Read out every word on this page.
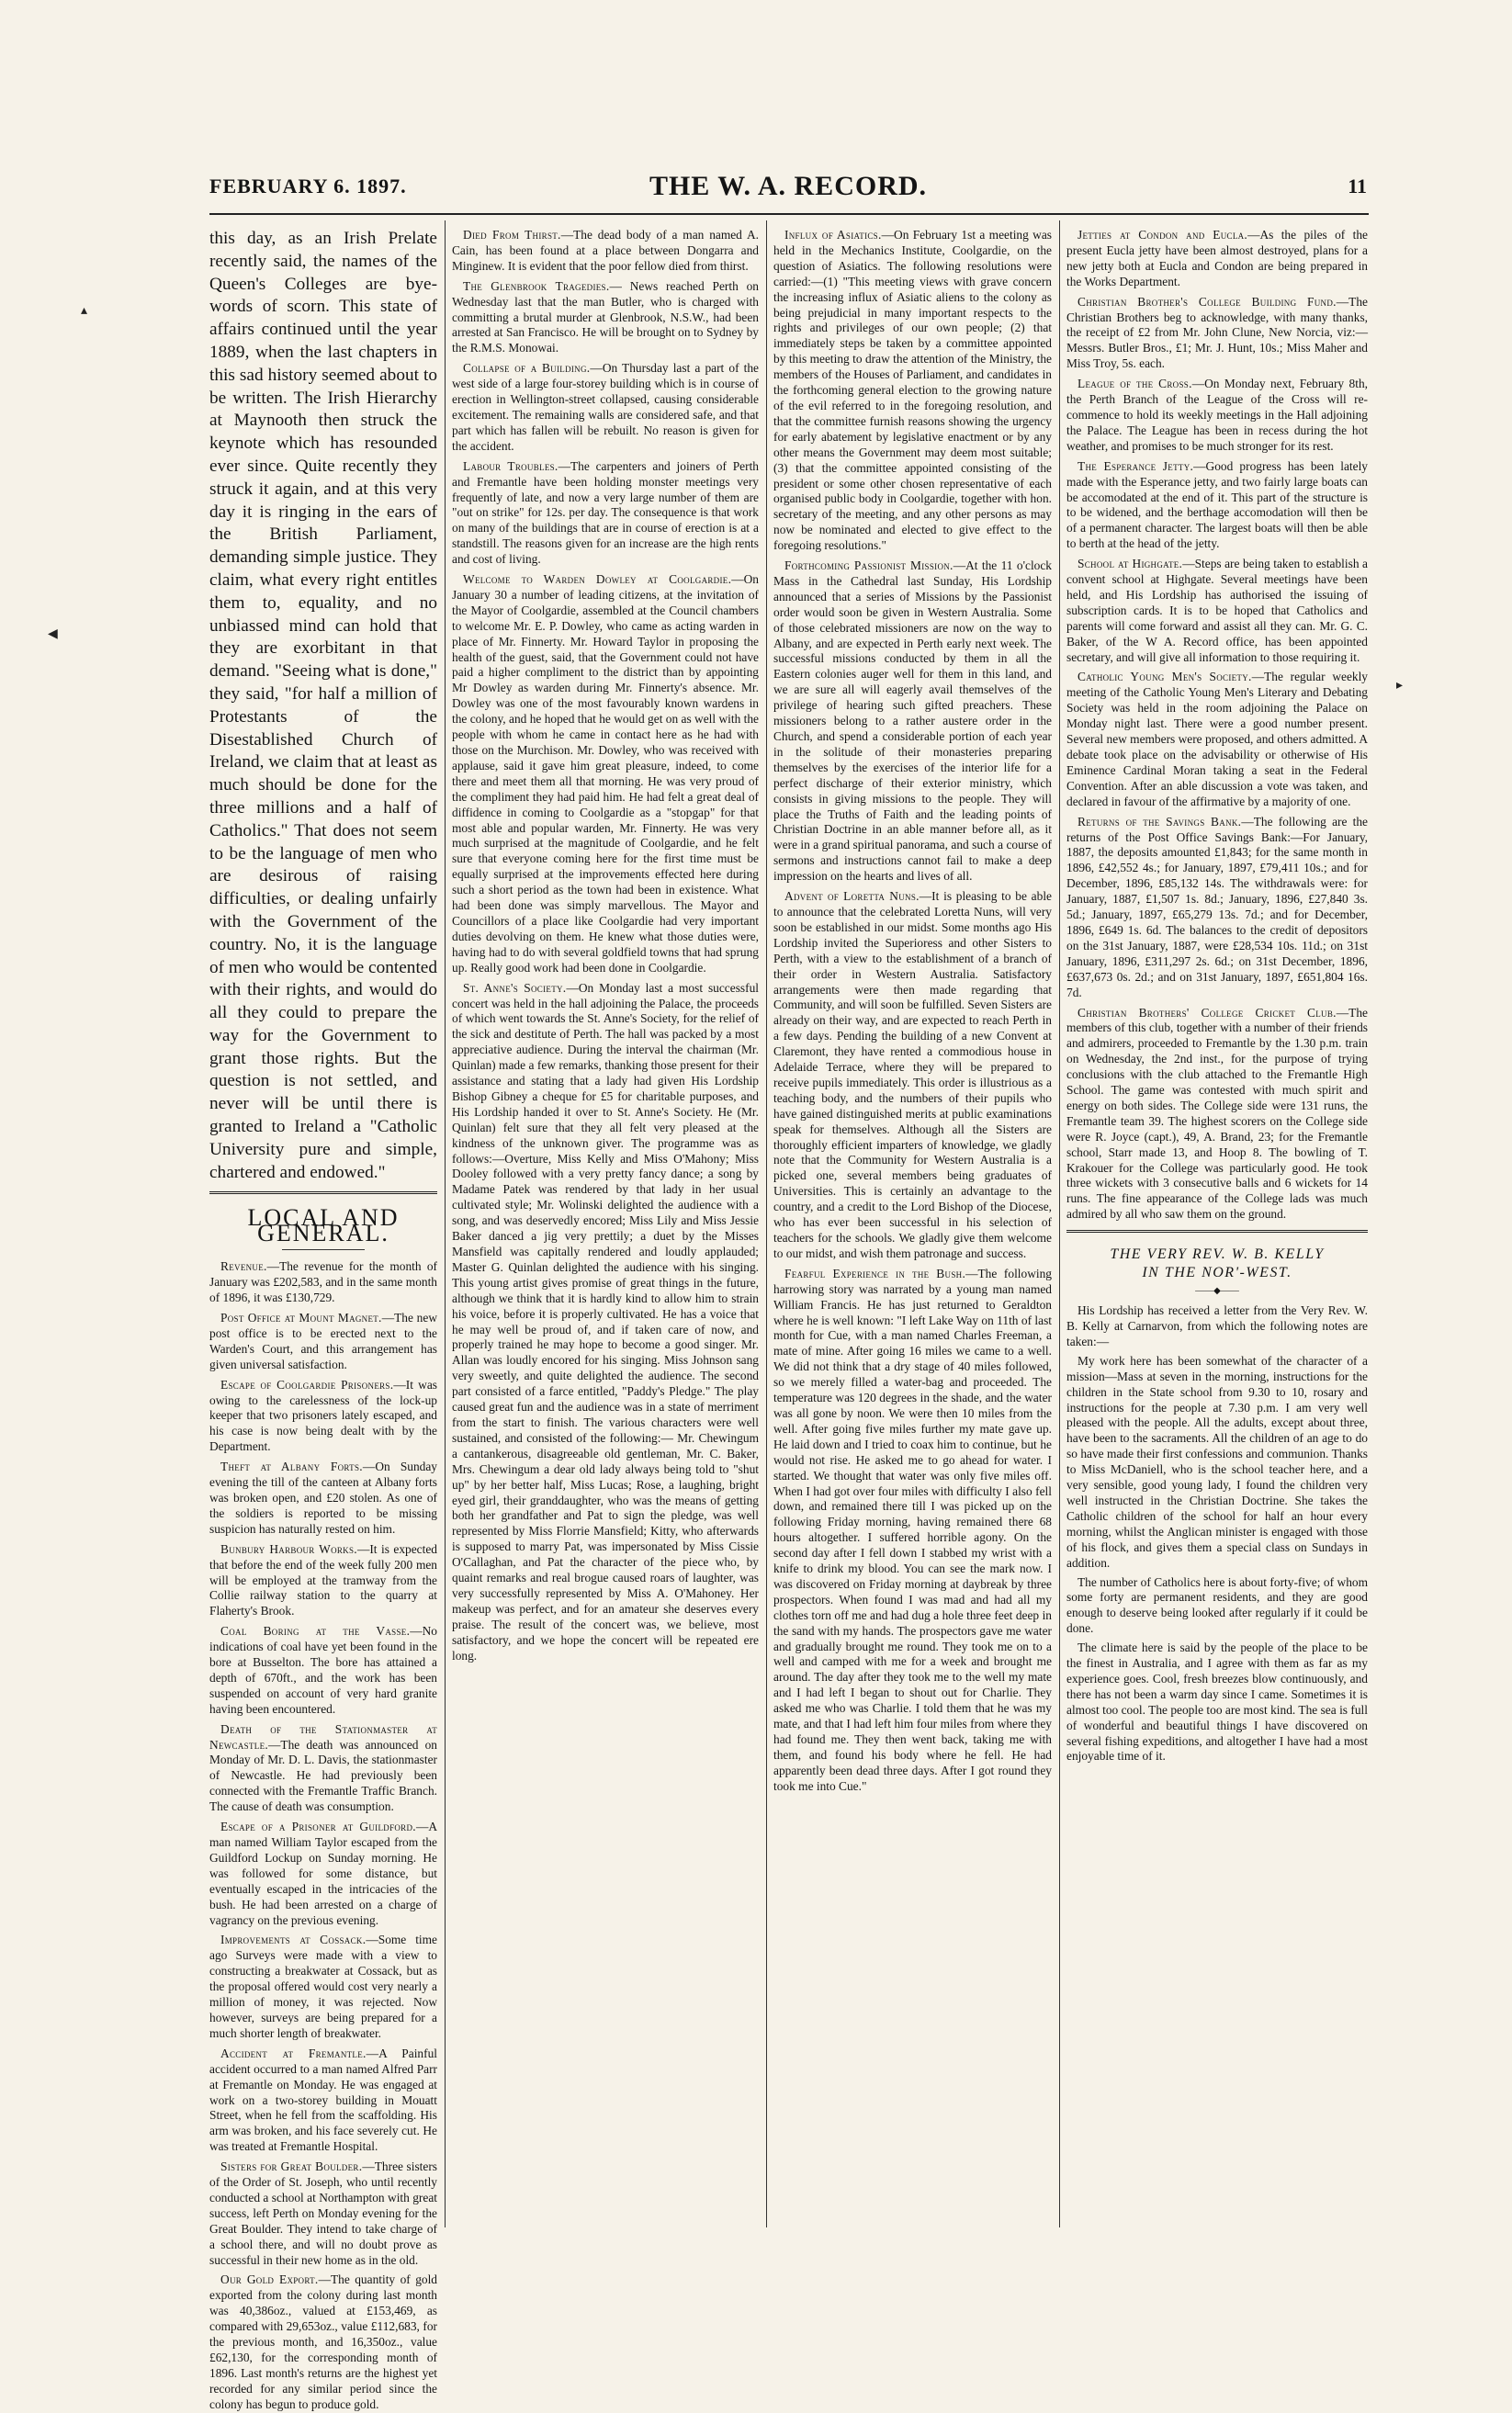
FEBRUARY 6. 1897.	THE W. A. RECORD.	11
▴
◀
▸

this day, as an Irish Prelate recently said, the names of the Queen's Colleges are bye-words of scorn. This state of affairs continued until the year 1889, when the last chapters in this sad history seemed about to be written. The Irish Hierarchy at Maynooth then struck the keynote which has resounded ever since. Quite recently they struck it again, and at this very day it is ringing in the ears of the British Parliament, demanding simple justice. They claim, what every right entitles them to, equality, and no unbiassed mind can hold that they are exorbitant in that demand. "Seeing what is done," they said, "for half a million of Protestants of the Disestablished Church of Ireland, we claim that at least as much should be done for the three millions and a half of Catholics." That does not seem to be the language of men who are desirous of raising difficulties, or dealing unfairly with the Government of the country. No, it is the language of men who would be contented with their rights, and would do all they could to prepare the way for the Government to grant those rights. But the question is not settled, and never will be until there is granted to Ireland a "Catholic University pure and simple, chartered and endowed."

LOCAL AND GENERAL.

Revenue.—The revenue for the month of January was £202,583, and in the same month of 1896, it was £130,729.

Post Office at Mount Magnet.—The new post office is to be erected next to the Warden's Court, and this arrangement has given universal satisfaction.

Escape of Coolgardie Prisoners.—It was owing to the carelessness of the lock-up keeper that two prisoners lately escaped, and his case is now being dealt with by the Department.

Theft at Albany Forts.—On Sunday evening the till of the canteen at Albany forts was broken open, and £20 stolen. As one of the soldiers is reported to be missing suspicion has naturally rested on him.

Bunbury Harbour Works.—It is expected that before the end of the week fully 200 men will be employed at the tramway from the Collie railway station to the quarry at Flaherty's Brook.

Coal Boring at the Vasse.—No indications of coal have yet been found in the bore at Busselton. The bore has attained a depth of 670ft., and the work has been suspended on account of very hard granite having been encountered.

Death of the Stationmaster at Newcastle.—The death was announced on Monday of Mr. D. L. Davis, the stationmaster of Newcastle. He had previously been connected with the Fremantle Traffic Branch. The cause of death was consumption.

Escape of a Prisoner at Guildford.—A man named William Taylor escaped from the Guildford Lockup on Sunday morning. He was followed for some distance, but eventually escaped in the intricacies of the bush. He had been arrested on a charge of vagrancy on the previous evening.

Improvements at Cossack.—Some time ago Surveys were made with a view to constructing a breakwater at Cossack, but as the proposal offered would cost very nearly a million of money, it was rejected. Now however, surveys are being prepared for a much shorter length of breakwater.

Accident at Fremantle.—A Painful accident occurred to a man named Alfred Parr at Fremantle on Monday. He was engaged at work on a two-storey building in Mouatt Street, when he fell from the scaffolding. His arm was broken, and his face severely cut. He was treated at Fremantle Hospital.

Sisters for Great Boulder.—Three sisters of the Order of St. Joseph, who until recently conducted a school at Northampton with great success, left Perth on Monday evening for the Great Boulder. They intend to take charge of a school there, and will no doubt prove as successful in their new home as in the old.

Our Gold Export.—The quantity of gold exported from the colony during last month was 40,386oz., valued at £153,469, as compared with 29,653oz., value £112,683, for the previous month, and 16,350oz., value £62,130, for the corresponding month of 1896. Last month's returns are the highest yet recorded for any similar period since the colony has begun to produce gold.

Died From Thirst.—The dead body of a man named A. Cain, has been found at a place between Dongarra and Minginew. It is evident that the poor fellow died from thirst.

The Glenbrook Tragedies.— News reached Perth on Wednesday last that the man Butler, who is charged with committing a brutal murder at Glenbrook, N.S.W., had been arrested at San Francisco. He will be brought on to Sydney by the R.M.S. Monowai.

Collapse of a Building.—On Thursday last a part of the west side of a large four-storey building which is in course of erection in Wellington-street collapsed, causing considerable excitement. The remaining walls are considered safe, and that part which has fallen will be rebuilt. No reason is given for the accident.

Labour Troubles.—The carpenters and joiners of Perth and Fremantle have been holding monster meetings very frequently of late, and now a very large number of them are "out on strike" for 12s. per day. The consequence is that work on many of the buildings that are in course of erection is at a standstill. The reasons given for an increase are the high rents and cost of living.

Welcome to Warden Dowley at Coolgardie.—On January 30 a number of leading citizens, at the invitation of the Mayor of Coolgardie, assembled at the Council chambers to welcome Mr. E. P. Dowley, who came as acting warden in place of Mr. Finnerty. Mr. Howard Taylor in proposing the health of the guest, said, that the Government could not have paid a higher compliment to the district than by appointing Mr Dowley as warden during Mr. Finnerty's absence. Mr. Dowley was one of the most favourably known wardens in the colony, and he hoped that he would get on as well with the people with whom he came in contact here as he had with those on the Murchison. Mr. Dowley, who was received with applause, said it gave him great pleasure, indeed, to come there and meet them all that morning. He was very proud of the compliment they had paid him. He had felt a great deal of diffidence in coming to Coolgardie as a "stopgap" for that most able and popular warden, Mr. Finnerty. He was very much surprised at the magnitude of Coolgardie, and he felt sure that everyone coming here for the first time must be equally surprised at the improvements effected here during such a short period as the town had been in existence. What had been done was simply marvellous. The Mayor and Councillors of a place like Coolgardie had very important duties devolving on them. He knew what those duties were, having had to do with several goldfield towns that had sprung up. Really good work had been done in Coolgardie.

St. Anne's Society.—On Monday last a most successful concert was held in the hall adjoining the Palace, the proceeds of which went towards the St. Anne's Society, for the relief of the sick and destitute of Perth. The hall was packed by a most appreciative audience. During the interval the chairman (Mr. Quinlan) made a few remarks, thanking those present for their assistance and stating that a lady had given His Lordship Bishop Gibney a cheque for £5 for charitable purposes, and His Lordship handed it over to St. Anne's Society. He (Mr. Quinlan) felt sure that they all felt very pleased at the kindness of the unknown giver. The programme was as follows:—Overture, Miss Kelly and Miss O'Mahony; Miss Dooley followed with a very pretty fancy dance; a song by Madame Patek was rendered by that lady in her usual cultivated style; Mr. Wolinski delighted the audience with a song, and was deservedly encored; Miss Lily and Miss Jessie Baker danced a jig very prettily; a duet by the Misses Mansfield was capitally rendered and loudly applauded; Master G. Quinlan delighted the audience with his singing. This young artist gives promise of great things in the future, although we think that it is hardly kind to allow him to strain his voice, before it is properly cultivated. He has a voice that he may well be proud of, and if taken care of now, and properly trained he may hope to become a good singer. Mr. Allan was loudly encored for his singing. Miss Johnson sang very sweetly, and quite delighted the audience. The second part consisted of a farce entitled, "Paddy's Pledge." The play caused great fun and the audience was in a state of merriment from the start to finish. The various characters were well sustained, and consisted of the following:— Mr. Chewingum a cantankerous, disagreeable old gentleman, Mr. C. Baker, Mrs. Chewingum a dear old lady always being told to "shut up" by her better half, Miss Lucas; Rose, a laughing, bright eyed girl, their granddaughter, who was the means of getting both her grandfather and Pat to sign the pledge, was well represented by Miss Florrie Mansfield; Kitty, who afterwards is supposed to marry Pat, was impersonated by Miss Cissie O'Callaghan, and Pat the character of the piece who, by quaint remarks and real brogue caused roars of laughter, was very successfully represented by Miss A. O'Mahoney. Her makeup was perfect, and for an amateur she deserves every praise. The result of the concert was, we believe, most satisfactory, and we hope the concert will be repeated ere long.

Influx of Asiatics.—On February 1st a meeting was held in the Mechanics Institute, Coolgardie, on the question of Asiatics. The following resolutions were carried:—(1) "This meeting views with grave concern the increasing influx of Asiatic aliens to the colony as being prejudicial in many important respects to the rights and privileges of our own people; (2) that immediately steps be taken by a committee appointed by this meeting to draw the attention of the Ministry, the members of the Houses of Parliament, and candidates in the forthcoming general election to the growing nature of the evil referred to in the foregoing resolution, and that the committee furnish reasons showing the urgency for early abatement by legislative enactment or by any other means the Government may deem most suitable; (3) that the committee appointed consisting of the president or some other chosen representative of each organised public body in Coolgardie, together with hon. secretary of the meeting, and any other persons as may now be nominated and elected to give effect to the foregoing resolutions."

Forthcoming Passionist Mission.—At the 11 o'clock Mass in the Cathedral last Sunday, His Lordship announced that a series of Missions by the Passionist order would soon be given in Western Australia. Some of those celebrated missioners are now on the way to Albany, and are expected in Perth early next week. The successful missions conducted by them in all the Eastern colonies auger well for them in this land, and we are sure all will eagerly avail themselves of the privilege of hearing such gifted preachers. These missioners belong to a rather austere order in the Church, and spend a considerable portion of each year in the solitude of their monasteries preparing themselves by the exercises of the interior life for a perfect discharge of their exterior ministry, which consists in giving missions to the people. They will place the Truths of Faith and the leading points of Christian Doctrine in an able manner before all, as it were in a grand spiritual panorama, and such a course of sermons and instructions cannot fail to make a deep impression on the hearts and lives of all.

Advent of Loretta Nuns.—It is pleasing to be able to announce that the celebrated Loretta Nuns, will very soon be established in our midst. Some months ago His Lordship invited the Superioress and other Sisters to Perth, with a view to the establishment of a branch of their order in Western Australia. Satisfactory arrangements were then made regarding that Community, and will soon be fulfilled. Seven Sisters are already on their way, and are expected to reach Perth in a few days. Pending the building of a new Convent at Claremont, they have rented a commodious house in Adelaide Terrace, where they will be prepared to receive pupils immediately. This order is illustrious as a teaching body, and the numbers of their pupils who have gained distinguished merits at public examinations speak for themselves. Although all the Sisters are thoroughly efficient imparters of knowledge, we gladly note that the Community for Western Australia is a picked one, several members being graduates of Universities. This is certainly an advantage to the country, and a credit to the Lord Bishop of the Diocese, who has ever been successful in his selection of teachers for the schools. We gladly give them welcome to our midst, and wish them patronage and success.

Fearful Experience in the Bush.—The following harrowing story was narrated by a young man named William Francis. He has just returned to Geraldton where he is well known: "I left Lake Way on 11th of last month for Cue, with a man named Charles Freeman, a mate of mine. After going 16 miles we came to a well. We did not think that a dry stage of 40 miles followed, so we merely filled a water-bag and proceeded. The temperature was 120 degrees in the shade, and the water was all gone by noon. We were then 10 miles from the well. After going five miles further my mate gave up. He laid down and I tried to coax him to continue, but he would not rise. He asked me to go ahead for water. I started. We thought that water was only five miles off. When I had got over four miles with difficulty I also fell down, and remained there till I was picked up on the following Friday morning, having remained there 68 hours altogether. I suffered horrible agony. On the second day after I fell down I stabbed my wrist with a knife to drink my blood. You can see the mark now. I was discovered on Friday morning at daybreak by three prospectors. When found I was mad and had all my clothes torn off me and had dug a hole three feet deep in the sand with my hands. The prospectors gave me water and gradually brought me round. They took me on to a well and camped with me for a week and brought me around. The day after they took me to the well my mate and I had left I began to shout out for Charlie. They asked me who was Charlie. I told them that he was my mate, and that I had left him four miles from where they had found me. They then went back, taking me with them, and found his body where he fell. He had apparently been dead three days. After I got round they took me into Cue."

Jetties at Condon and Eucla.—As the piles of the present Eucla jetty have been almost destroyed, plans for a new jetty both at Eucla and Condon are being prepared in the Works Department.

Christian Brother's College Building Fund.—The Christian Brothers beg to acknowledge, with many thanks, the receipt of £2 from Mr. John Clune, New Norcia, viz:—Messrs. Butler Bros., £1; Mr. J. Hunt, 10s.; Miss Maher and Miss Troy, 5s. each.

League of the Cross.—On Monday next, February 8th, the Perth Branch of the League of the Cross will re-commence to hold its weekly meetings in the Hall adjoining the Palace. The League has been in recess during the hot weather, and promises to be much stronger for its rest.

The Esperance Jetty.—Good progress has been lately made with the Esperance jetty, and two fairly large boats can be accomodated at the end of it. This part of the structure is to be widened, and the berthage accomodation will then be of a permanent character. The largest boats will then be able to berth at the head of the jetty.

School at Highgate.—Steps are being taken to establish a convent school at Highgate. Several meetings have been held, and His Lordship has authorised the issuing of subscription cards. It is to be hoped that Catholics and parents will come forward and assist all they can. Mr. G. C. Baker, of the W A. Record office, has been appointed secretary, and will give all information to those requiring it.

Catholic Young Men's Society.—The regular weekly meeting of the Catholic Young Men's Literary and Debating Society was held in the room adjoining the Palace on Monday night last. There were a good number present. Several new members were proposed, and others admitted. A debate took place on the advisability or otherwise of His Eminence Cardinal Moran taking a seat in the Federal Convention. After an able discussion a vote was taken, and declared in favour of the affirmative by a majority of one.

Returns of the Savings Bank.—The following are the returns of the Post Office Savings Bank:—For January, 1887, the deposits amounted £1,843; for the same month in 1896, £42,552 4s.; for January, 1897, £79,411 10s.; and for December, 1896, £85,132 14s. The withdrawals were: for January, 1887, £1,507 1s. 8d.; January, 1896, £27,840 3s. 5d.; January, 1897, £65,279 13s. 7d.; and for December, 1896, £649 1s. 6d. The balances to the credit of depositors on the 31st January, 1887, were £28,534 10s. 11d.; on 31st January, 1896, £311,297 2s. 6d.; on 31st December, 1896, £637,673 0s. 2d.; and on 31st January, 1897, £651,804 16s. 7d.

Christian Brothers' College Cricket Club.—The members of this club, together with a number of their friends and admirers, proceeded to Fremantle by the 1.30 p.m. train on Wednesday, the 2nd inst., for the purpose of trying conclusions with the club attached to the Fremantle High School. The game was contested with much spirit and energy on both sides. The College side were 131 runs, the Fremantle team 39. The highest scorers on the College side were R. Joyce (capt.), 49, A. Brand, 23; for the Fremantle school, Starr made 13, and Hoop 8. The bowling of T. Krakouer for the College was particularly good. He took three wickets with 3 consecutive balls and 6 wickets for 14 runs. The fine appearance of the College lads was much admired by all who saw them on the ground.

THE VERY REV. W. B. KELLY
IN THE NOR'-WEST.
——◆——

His Lordship has received a letter from the Very Rev. W. B. Kelly at Carnarvon, from which the following notes are taken:—

My work here has been somewhat of the character of a mission—Mass at seven in the morning, instructions for the children in the State school from 9.30 to 10, rosary and instructions for the people at 7.30 p.m. I am very well pleased with the people. All the adults, except about three, have been to the sacraments. All the children of an age to do so have made their first confessions and communion. Thanks to Miss McDaniell, who is the school teacher here, and a very sensible, good young lady, I found the children very well instructed in the Christian Doctrine. She takes the Catholic children of the school for half an hour every morning, whilst the Anglican minister is engaged with those of his flock, and gives them a special class on Sundays in addition.

The number of Catholics here is about forty-five; of whom some forty are permanent residents, and they are good enough to deserve being looked after regularly if it could be done.

The climate here is said by the people of the place to be the finest in Australia, and I agree with them as far as my experience goes. Cool, fresh breezes blow continuously, and there has not been a warm day since I came. Sometimes it is almost too cool. The people too are most kind. The sea is full of wonderful and beautiful things I have discovered on several fishing expeditions, and altogether I have had a most enjoyable time of it.
